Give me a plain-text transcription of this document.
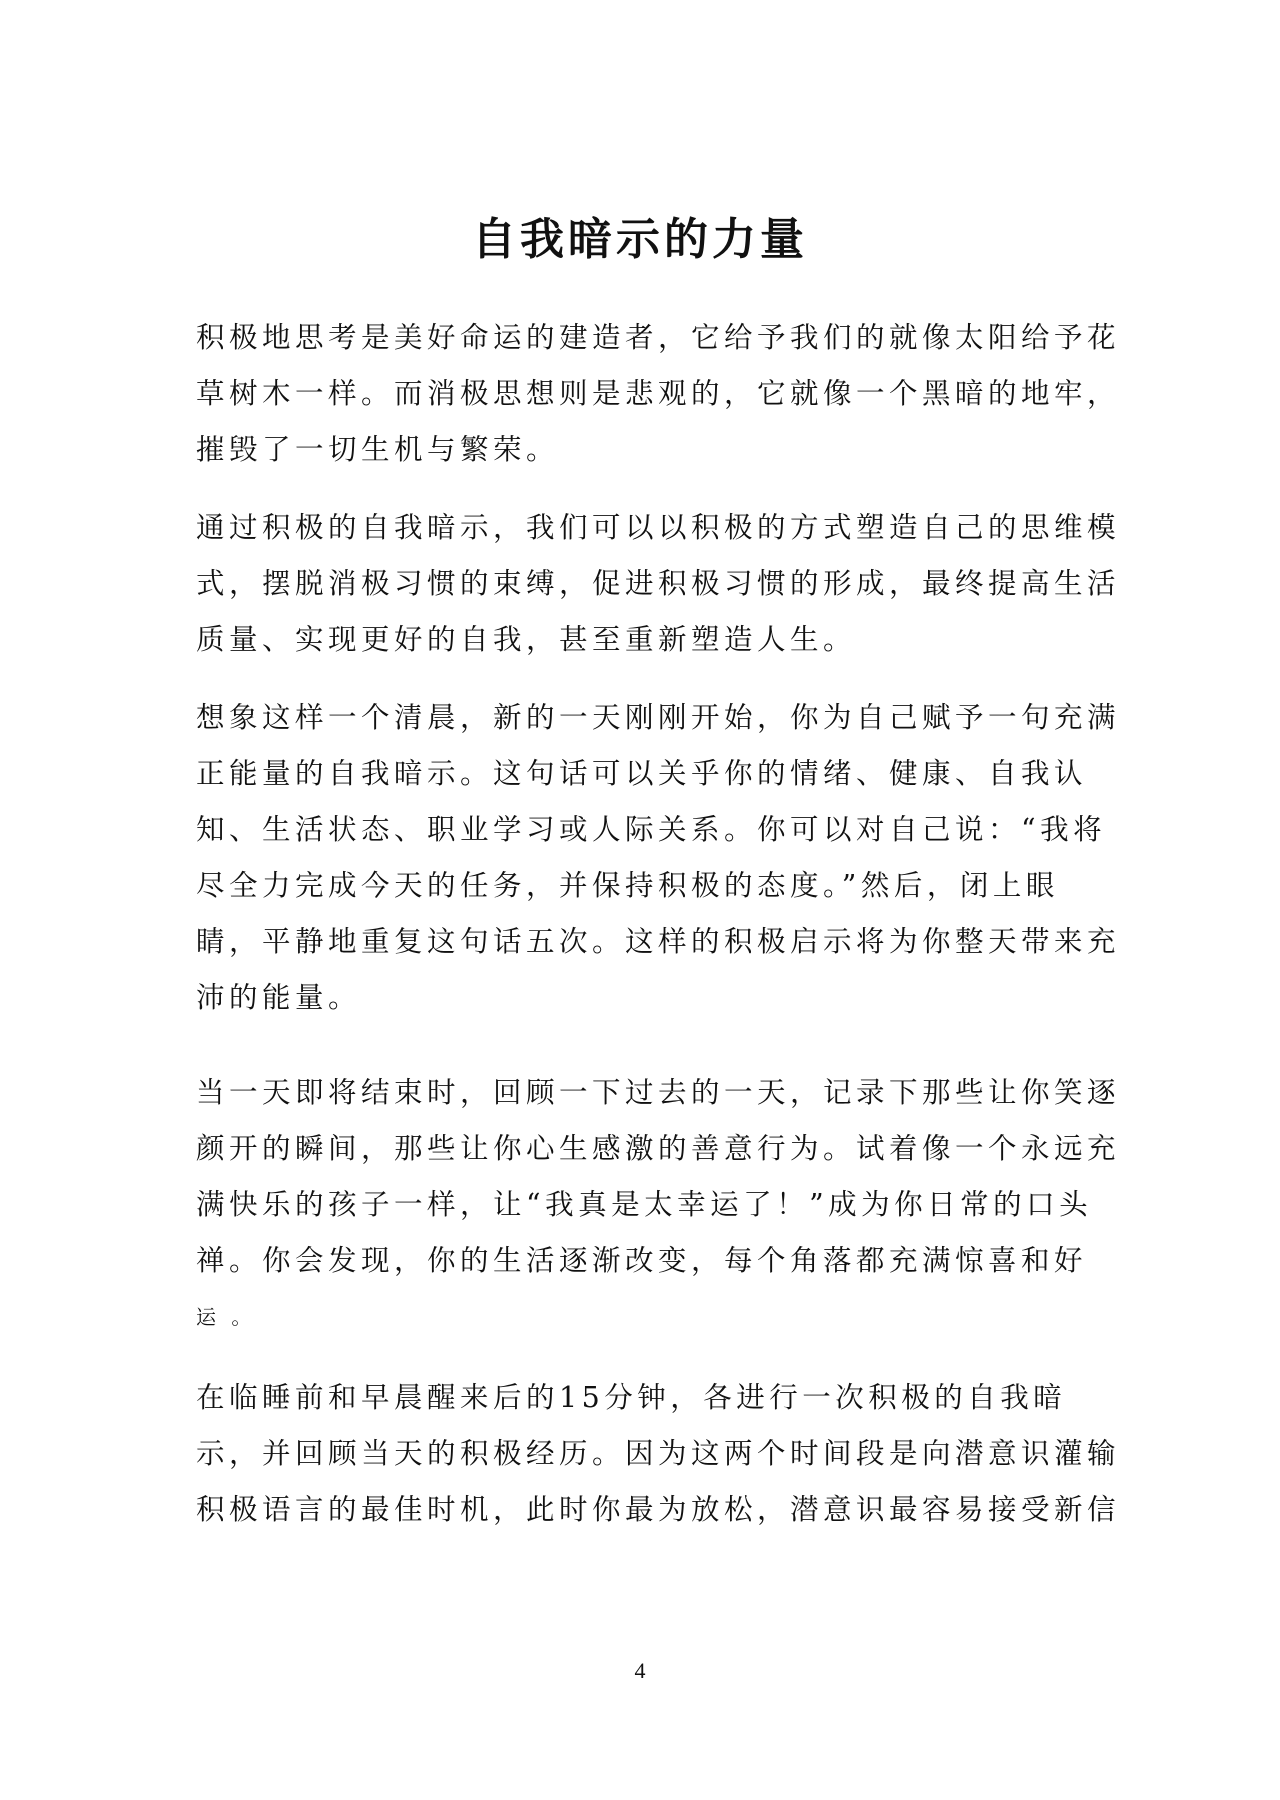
自我暗示的力量

积极地思考是美好命运的建造者，它给予我们的就像太阳给予花
草树木一样。而消极思想则是悲观的，它就像一个黑暗的地牢，
摧毁了一切生机与繁荣。

通过积极的自我暗示，我们可以以积极的方式塑造自己的思维模
式，摆脱消极习惯的束缚，促进积极习惯的形成，最终提高生活
质量、实现更好的自我，甚至重新塑造人生。

想象这样一个清晨，新的一天刚刚开始，你为自己赋予一句充满
正能量的自我暗示。这句话可以关乎你的情绪、健康、自我认
知、生活状态、职业学习或人际关系。你可以对自己说：“我将
尽全力完成今天的任务，并保持积极的态度。”然后，闭上眼
睛，平静地重复这句话五次。这样的积极启示将为你整天带来充
沛的能量。

当一天即将结束时，回顾一下过去的一天，记录下那些让你笑逐
颜开的瞬间，那些让你心生感激的善意行为。试着像一个永远充
满快乐的孩子一样，让“我真是太幸运了！”成为你日常的口头
禅。你会发现，你的生活逐渐改变，每个角落都充满惊喜和好
运 。

在临睡前和早晨醒来后的15分钟，各进行一次积极的自我暗
示，并回顾当天的积极经历。因为这两个时间段是向潜意识灌输
积极语言的最佳时机，此时你最为放松，潜意识最容易接受新信

4
